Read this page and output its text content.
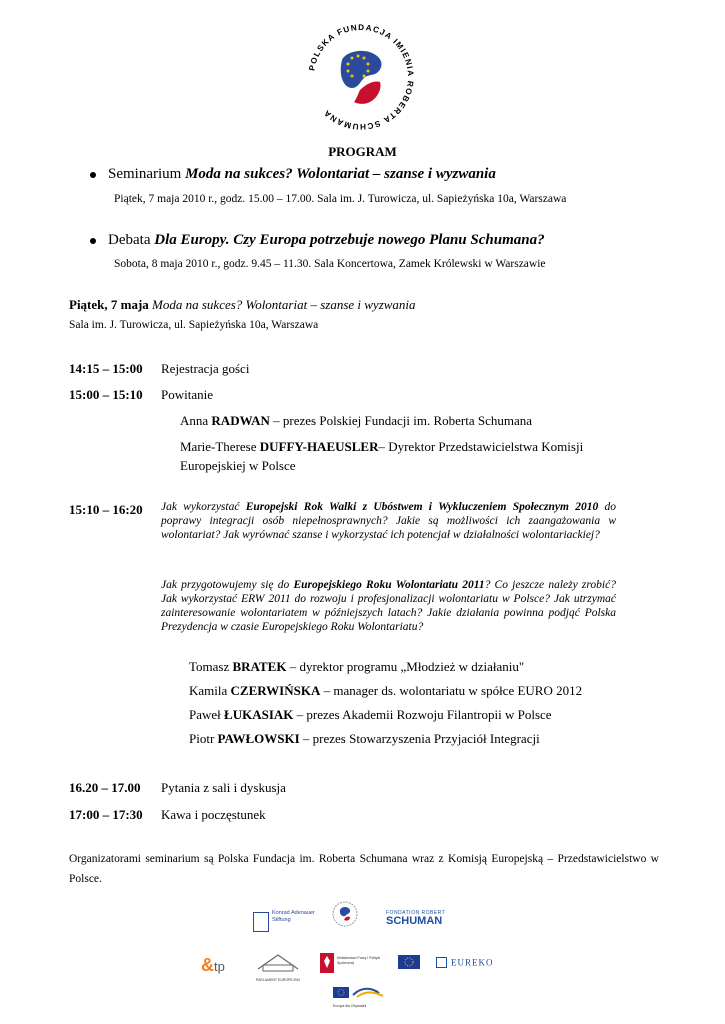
POLSKA FUNDACJA IMIENIA ROBERTA SCHUMANA
PROGRAM
Seminarium Moda na sukces? Wolontariat – szanse i wyzwania
Piątek, 7 maja 2010 r., godz. 15.00 – 17.00. Sala im. J. Turowicza, ul. Sapieżyńska 10a, Warszawa
Debata Dla Europy. Czy Europa potrzebuje nowego Planu Schumana?
Sobota, 8 maja 2010 r., godz. 9.45 – 11.30. Sala Koncertowa, Zamek Królewski w Warszawie
Piątek, 7 maja Moda na sukces? Wolontariat – szanse i wyzwania
Sala im. J. Turowicza, ul. Sapieżyńska 10a, Warszawa
14:15 – 15:00 Rejestracja gości
15:00 – 15:10 Powitanie
Anna RADWAN – prezes Polskiej Fundacji im. Roberta Schumana
Marie-Therese DUFFY-HAEUSLER– Dyrektor Przedstawicielstwa Komisji Europejskiej w Polsce
15:10 – 16:20 Jak wykorzystać Europejski Rok Walki z Ubóstwem i Wykluczeniem Społecznym 2010 do poprawy integracji osób niepełnosprawnych? Jakie są możliwości ich zaangażowania w wolontariat? Jak wyrównać szanse i wykorzystać ich potencjał w działalności wolontariackiej?
Jak przygotowujemy się do Europejskiego Roku Wolontariatu 2011? Co jeszcze należy zrobić? Jak wykorzystać ERW 2011 do rozwoju i profesjonalizacji wolontariatu w Polsce? Jak utrzymać zainteresowanie wolontariatem w późniejszych latach? Jakie działania powinna podjąć Polska Prezydencja w czasie Europejskiego Roku Wolontariatu?
Tomasz BRATEK – dyrektor programu „Młodzież w działaniu"
Kamila CZERWIŃSKA – manager ds. wolontariatu w spółce EURO 2012
Paweł ŁUKASIAK – prezes Akademii Rozwoju Filantropii w Polsce
Piotr PAWŁOWSKI – prezes Stowarzyszenia Przyjaciół Integracji
16.20 – 17.00 Pytania z sali i dyskusja
17:00 – 17:30 Kawa i poczęstunek
Organizatorami seminarium są Polska Fundacja im. Roberta Schumana wraz z Komisją Europejską – Przedstawicielstwo w Polsce.
Konrad Adenauer Stiftung
FONDATION ROBERT
SCHUMAN
&tp
PARLAMENT EUROPEJSKI
Ministerstwo Pracy i Polityki Społecznej	EUREKO
Europa dla Obywateli
